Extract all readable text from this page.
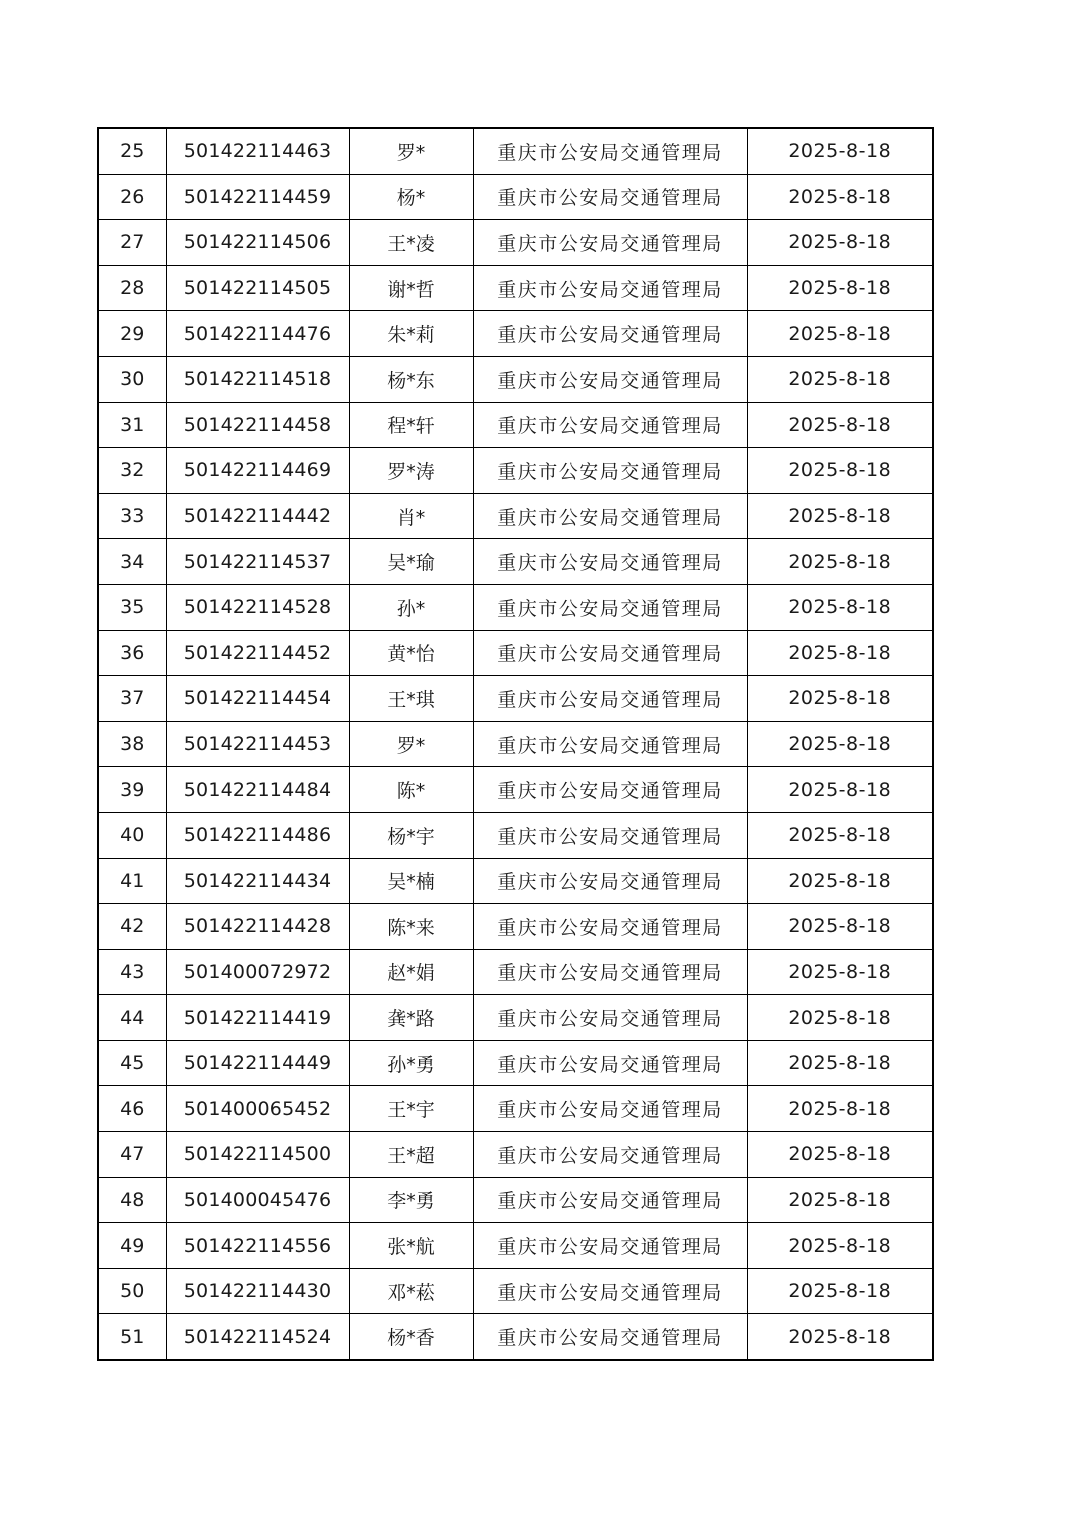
25	501422114463	罗*	重庆市公安局交通管理局	2025-8-18
26	501422114459	杨*	重庆市公安局交通管理局	2025-8-18
27	501422114506	王*凌	重庆市公安局交通管理局	2025-8-18
28	501422114505	谢*哲	重庆市公安局交通管理局	2025-8-18
29	501422114476	朱*莉	重庆市公安局交通管理局	2025-8-18
30	501422114518	杨*东	重庆市公安局交通管理局	2025-8-18
31	501422114458	程*轩	重庆市公安局交通管理局	2025-8-18
32	501422114469	罗*涛	重庆市公安局交通管理局	2025-8-18
33	501422114442	肖*	重庆市公安局交通管理局	2025-8-18
34	501422114537	吴*瑜	重庆市公安局交通管理局	2025-8-18
35	501422114528	孙*	重庆市公安局交通管理局	2025-8-18
36	501422114452	黄*怡	重庆市公安局交通管理局	2025-8-18
37	501422114454	王*琪	重庆市公安局交通管理局	2025-8-18
38	501422114453	罗*	重庆市公安局交通管理局	2025-8-18
39	501422114484	陈*	重庆市公安局交通管理局	2025-8-18
40	501422114486	杨*宇	重庆市公安局交通管理局	2025-8-18
41	501422114434	吴*楠	重庆市公安局交通管理局	2025-8-18
42	501422114428	陈*来	重庆市公安局交通管理局	2025-8-18
43	501400072972	赵*娟	重庆市公安局交通管理局	2025-8-18
44	501422114419	龚*路	重庆市公安局交通管理局	2025-8-18
45	501422114449	孙*勇	重庆市公安局交通管理局	2025-8-18
46	501400065452	王*宇	重庆市公安局交通管理局	2025-8-18
47	501422114500	王*超	重庆市公安局交通管理局	2025-8-18
48	501400045476	李*勇	重庆市公安局交通管理局	2025-8-18
49	501422114556	张*航	重庆市公安局交通管理局	2025-8-18
50	501422114430	邓*菘	重庆市公安局交通管理局	2025-8-18
51	501422114524	杨*香	重庆市公安局交通管理局	2025-8-18
